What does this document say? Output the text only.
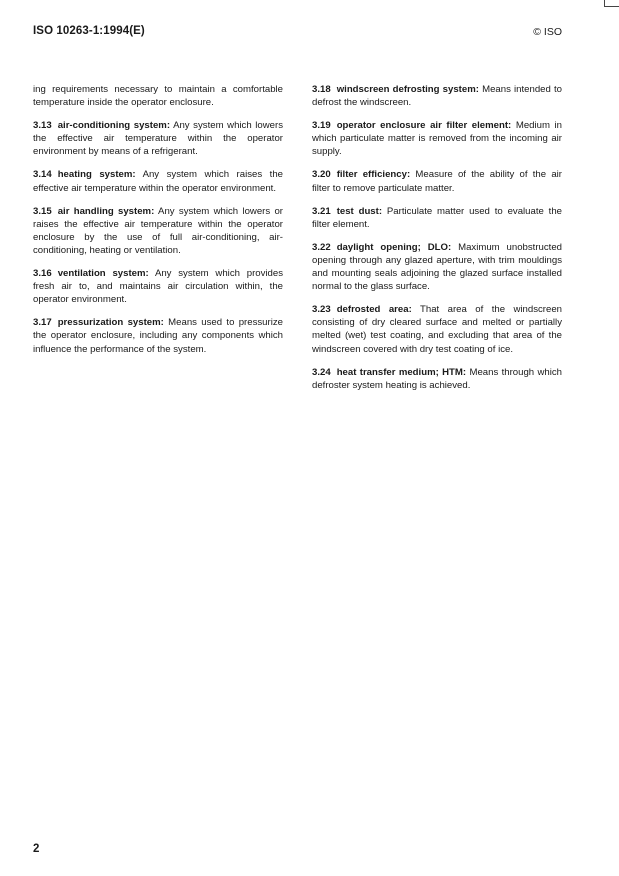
ISO 10263-1:1994(E)	© ISO

ing requirements necessary to maintain a comfortable temperature inside the operator enclosure.

3.13 air-conditioning system: Any system which lowers the effective air temperature within the operator environment by means of a refrigerant.

3.14 heating system: Any system which raises the effective air temperature within the operator environment.

3.15 air handling system: Any system which lowers or raises the effective air temperature within the operator enclosure by the use of full air-conditioning, air-conditioning, heating or ventilation.

3.16 ventilation system: Any system which provides fresh air to, and maintains air circulation within, the operator environment.

3.17 pressurization system: Means used to pressurize the operator enclosure, including any components which influence the performance of the system.

3.18 windscreen defrosting system: Means intended to defrost the windscreen.

3.19 operator enclosure air filter element: Medium in which particulate matter is removed from the incoming air supply.

3.20 filter efficiency: Measure of the ability of the air filter to remove particulate matter.

3.21 test dust: Particulate matter used to evaluate the filter element.

3.22 daylight opening; DLO: Maximum unobstructed opening through any glazed aperture, with trim mouldings and mounting seals adjoining the glazed surface installed normal to the glass surface.

3.23 defrosted area: That area of the windscreen consisting of dry cleared surface and melted or partially melted (wet) test coating, and excluding that area of the windscreen covered with dry test coating of ice.

3.24 heat transfer medium; HTM: Means through which defroster system heating is achieved.

2
